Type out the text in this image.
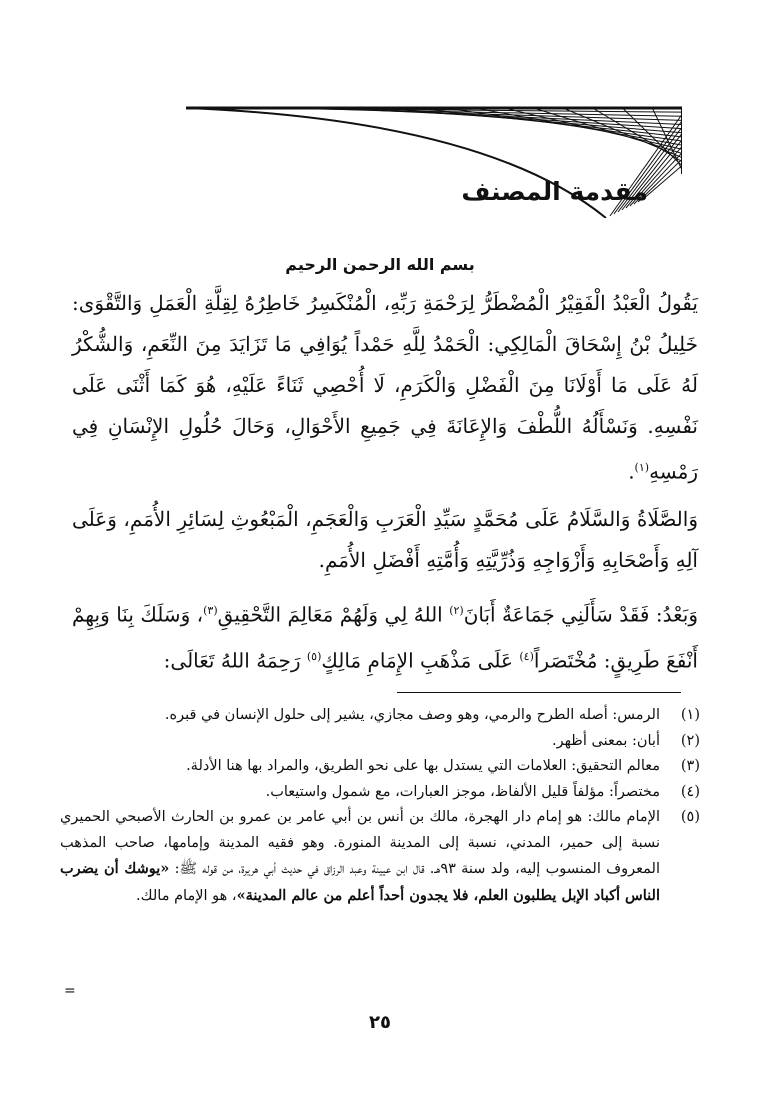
مقدمة المصنف
بسم الله الرحمن الرحيم

يَقُولُ الْعَبْدُ الْفَقِيْرُ الْمُضْطَرُّ لِرَحْمَةِ رَبِّهِ، الْمُنْكَسِرُ خَاطِرُهُ لِقِلَّةِ الْعَمَلِ وَالتَّقْوَى: خَلِيلُ بْنُ إِسْحَاقَ الْمَالِكِي: الْحَمْدُ لِلَّهِ حَمْداً يُوَافِي مَا تَزَايَدَ مِنَ النِّعَمِ، وَالشُّكْرُ لَهُ عَلَى مَا أَوْلَانَا مِنَ الْفَضْلِ وَالْكَرَمِ، لَا أُحْصِي ثَنَاءً عَلَيْهِ، هُوَ كَمَا أَثْنَى عَلَى نَفْسِهِ. وَنَسْأَلُهُ اللُّطْفَ وَالإِعَانَةَ فِي جَمِيعِ الأَحْوَالِ، وَحَالَ حُلُولِ الإِنْسَانِ فِي رَمْسِهِ$^{(١)}$.

وَالصَّلَاةُ وَالسَّلَامُ عَلَى مُحَمَّدٍ سَيِّدِ الْعَرَبِ وَالْعَجَمِ، الْمَبْعُوثِ لِسَائِرِ الأُمَمِ، وَعَلَى آلِهِ وَأَصْحَابِهِ وَأَزْوَاجِهِ وَذُرِّيَّتِهِ وَأُمَّتِهِ أَفْضَلِ الأُمَمِ.

وَبَعْدُ: فَقَدْ سَأَلَنِي جَمَاعَةٌ أَبَانَ$^{(٢)}$ اللهُ لِي وَلَهُمْ مَعَالِمَ التَّحْقِيقِ$^{(٣)}$، وَسَلَكَ بِنَا وَبِهِمْ أَنْفَعَ طَرِيقٍ: مُخْتَصَراً$^{(٤)}$ عَلَى مَذْهَبِ الإِمَامِ مَالِكٍ$^{(٥)}$ رَحِمَهُ اللهُ تَعَالَى:

(١)
الرمس: أصله الطرح والرمي، وهو وصف مجازي، يشير إلى حلول الإنسان في قبره.

(٢)
أبان: بمعنى أظهر.

(٣)
معالم التحقيق: العلامات التي يستدل بها على نحو الطريق، والمراد بها هنا الأدلة.

(٤)
مختصراً: مؤلفاً قليل الألفاظ، موجز العبارات، مع شمول واستيعاب.

(٥)
الإمام مالك: هو إمام دار الهجرة، مالك بن أنس بن أبي عامر بن عمرو بن الحارث الأصبحي الحميري نسبة إلى حمير، المدني، نسبة إلى المدينة المنورة. وهو فقيه المدينة وإمامها، صاحب المذهب المعروف المنسوب إليه، ولد سنة ٩٣هـ. قال ابن عيينة وعبد الرزاق في حديث أبي هريرة، من قوله ﷺ: «يوشك أن يضرب الناس أكباد الإبل يطلبون العلم، فلا يجدون أحداً أعلم من عالم المدينة»، هو الإمام مالك.

=
٢٥
